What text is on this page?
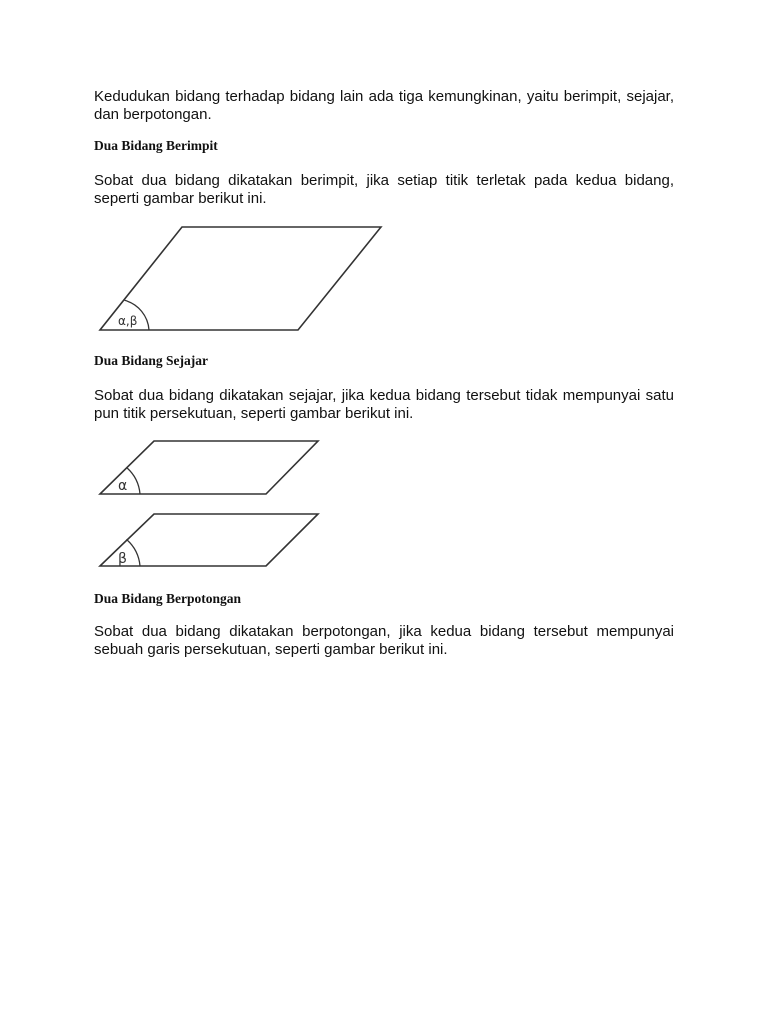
Kedudukan bidang terhadap bidang lain ada tiga kemungkinan, yaitu berimpit, sejajar, dan berpotongan.

Dua Bidang Berimpit

Sobat dua bidang dikatakan berimpit, jika setiap titik terletak pada kedua bidang, seperti gambar berikut ini.

α,β
Dua Bidang Sejajar

Sobat dua bidang dikatakan sejajar, jika kedua bidang tersebut tidak mempunyai satu pun titik persekutuan, seperti gambar berikut ini.

α
β
Dua Bidang Berpotongan

Sobat dua bidang dikatakan berpotongan, jika kedua bidang tersebut mempunyai sebuah garis persekutuan, seperti gambar berikut ini.
